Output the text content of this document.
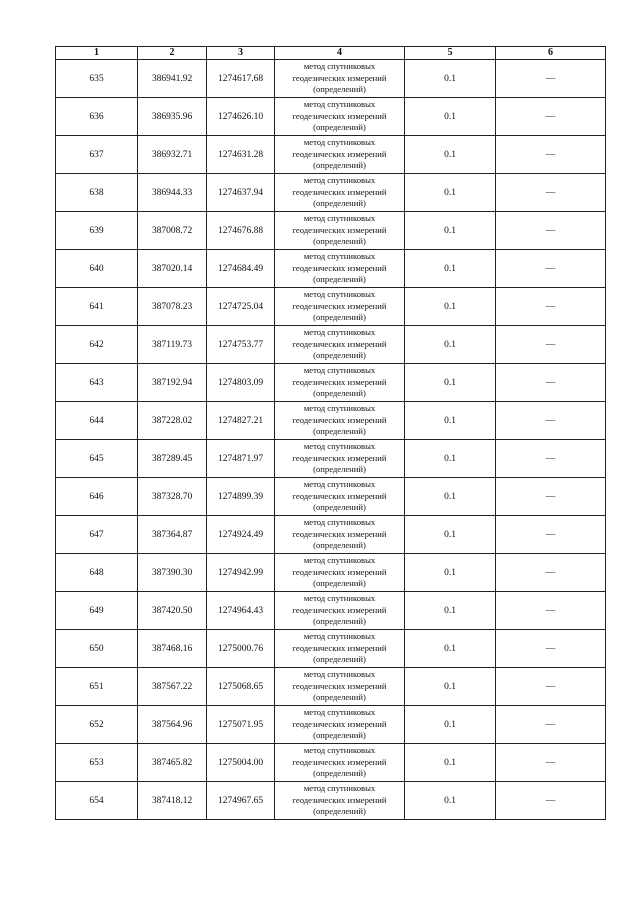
1	2	3	4	5	6
635	386941.92	1274617.68	метод спутниковых
геодезических измерений
(определений)	0.1	—
636	386935.96	1274626.10	метод спутниковых
геодезических измерений
(определений)	0.1	—
637	386932.71	1274631.28	метод спутниковых
геодезических измерений
(определений)	0.1	—
638	386944.33	1274637.94	метод спутниковых
геодезических измерений
(определений)	0.1	—
639	387008.72	1274676.88	метод спутниковых
геодезических измерений
(определений)	0.1	—
640	387020.14	1274684.49	метод спутниковых
геодезических измерений
(определений)	0.1	—
641	387078.23	1274725.04	метод спутниковых
геодезических измерений
(определений)	0.1	—
642	387119.73	1274753.77	метод спутниковых
геодезических измерений
(определений)	0.1	—
643	387192.94	1274803.09	метод спутниковых
геодезических измерений
(определений)	0.1	—
644	387228.02	1274827.21	метод спутниковых
геодезических измерений
(определений)	0.1	—
645	387289.45	1274871.97	метод спутниковых
геодезических измерений
(определений)	0.1	—
646	387328.70	1274899.39	метод спутниковых
геодезических измерений
(определений)	0.1	—
647	387364.87	1274924.49	метод спутниковых
геодезических измерений
(определений)	0.1	—
648	387390.30	1274942.99	метод спутниковых
геодезических измерений
(определений)	0.1	—
649	387420.50	1274964.43	метод спутниковых
геодезических измерений
(определений)	0.1	—
650	387468.16	1275000.76	метод спутниковых
геодезических измерений
(определений)	0.1	—
651	387567.22	1275068.65	метод спутниковых
геодезических измерений
(определений)	0.1	—
652	387564.96	1275071.95	метод спутниковых
геодезических измерений
(определений)	0.1	—
653	387465.82	1275004.00	метод спутниковых
геодезических измерений
(определений)	0.1	—
654	387418.12	1274967.65	метод спутниковых
геодезических измерений
(определений)	0.1	—
